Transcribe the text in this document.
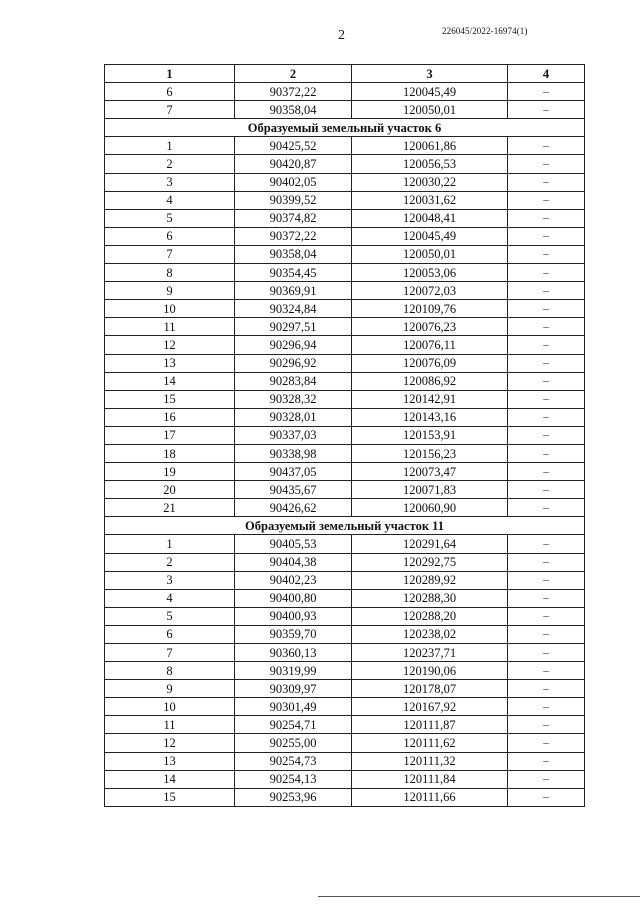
2	226045/2022-16974(1)
1	2	3	4
6	90372,22	120045,49	–
7	90358,04	120050,01	–
Образуемый земельный участок 6			
1	90425,52	120061,86	–
2	90420,87	120056,53	–
3	90402,05	120030,22	–
4	90399,52	120031,62	–
5	90374,82	120048,41	–
6	90372,22	120045,49	–
7	90358,04	120050,01	–
8	90354,45	120053,06	–
9	90369,91	120072,03	–
10	90324,84	120109,76	–
11	90297,51	120076,23	–
12	90296,94	120076,11	–
13	90296,92	120076,09	–
14	90283,84	120086,92	–
15	90328,32	120142,91	–
16	90328,01	120143,16	–
17	90337,03	120153,91	–
18	90338,98	120156,23	–
19	90437,05	120073,47	–
20	90435,67	120071,83	–
21	90426,62	120060,90	–
Образуемый земельный участок 11			
1	90405,53	120291,64	–
2	90404,38	120292,75	–
3	90402,23	120289,92	–
4	90400,80	120288,30	–
5	90400,93	120288,20	–
6	90359,70	120238,02	–
7	90360,13	120237,71	–
8	90319,99	120190,06	–
9	90309,97	120178,07	–
10	90301,49	120167,92	–
11	90254,71	120111,87	–
12	90255,00	120111,62	–
13	90254,73	120111,32	–
14	90254,13	120111,84	–
15	90253,96	120111,66	–
